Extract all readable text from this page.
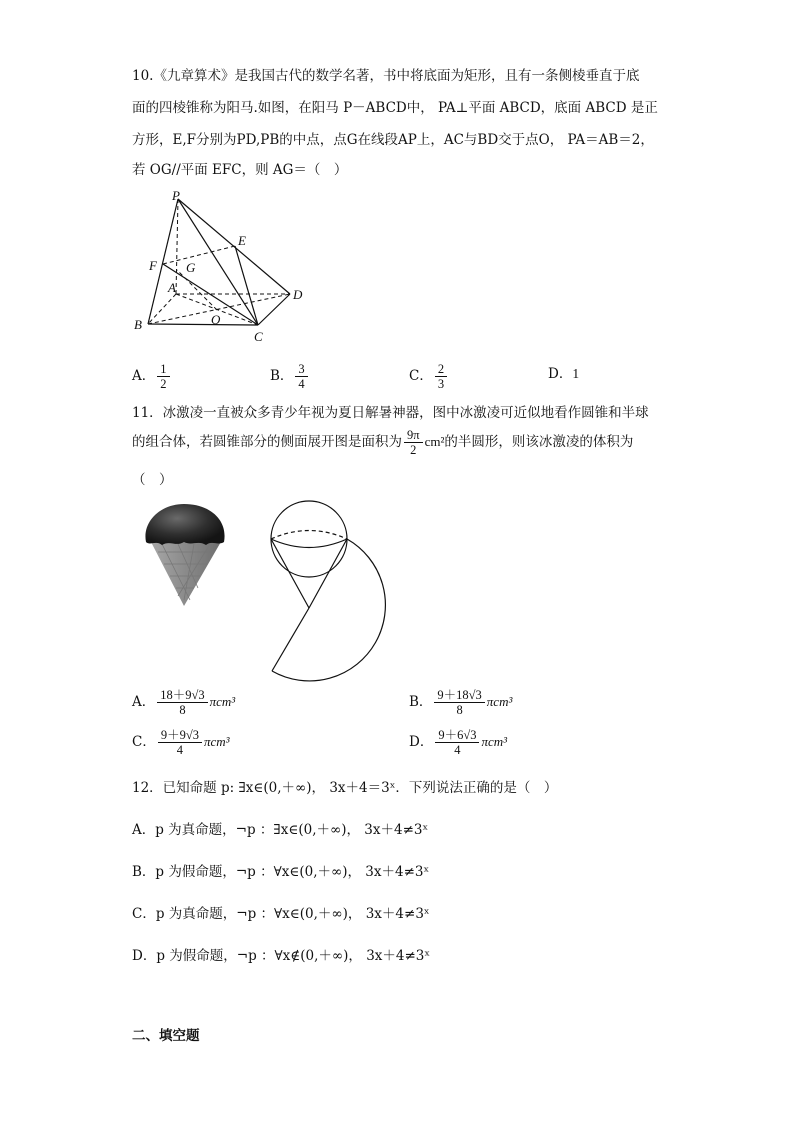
10.《九章算术》是我国古代的数学名著，书中将底面为矩形，且有一条侧棱垂直于底
面的四棱锥称为阳马.如图，在阳马 P－ABCD中， PA⊥平面 ABCD，底面 ABCD 是正
方形，E,F分别为PD,PB的中点，点G在线段AP上，AC与BD交于点O， PA＝AB＝2，
若 OG//平面 EFC，则 AG＝（　）
P
E
F G
A	D
B	O
C
A． $\frac{1}{2}$	B． $\frac{3}{4}$	C． $\frac{2}{3}$	D．1
11．冰激凌一直被众多青少年视为夏日解暑神器，图中冰激凌可近似地看作圆锥和半球
的组合体，若圆锥部分的侧面展开图是面积为 $\frac{9\pi}{2} cm^2$的半圆形，则该冰激凌的体积为
（　）
A． $\frac{18+9√3}{8} \pi cm^3$	B． $\frac{9+18√3}{8} \pi cm^3$
C． $\frac{9+9√3}{4} \pi cm^3$	D． $\frac{9+6√3}{4} \pi cm^3$
12．已知命题 p: ∃x∈(0,＋∞)， 3x＋4＝3ˣ．下列说法正确的是（　）
A．p 为真命题，¬p ：∃x∈(0,＋∞)， 3x＋4≠3ˣ
B．p 为假命题，¬p ：∀x∈(0,＋∞)， 3x＋4≠3ˣ
C．p 为真命题，¬p ：∀x∈(0,＋∞)， 3x＋4≠3ˣ
D．p 为假命题，¬p ：∀x∉(0,＋∞)， 3x＋4≠3ˣ
二、填空题
